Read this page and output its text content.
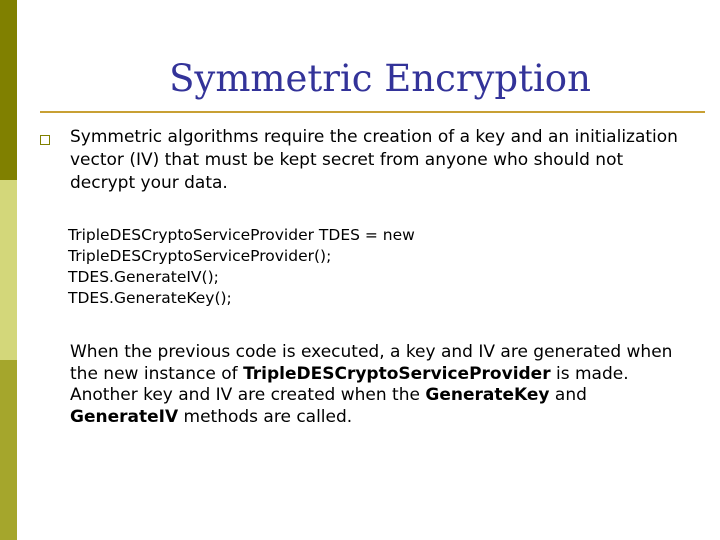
Symmetric Encryption

Symmetric algorithms require the creation of a key and an initialization vector (IV) that must be kept secret from anyone who should not decrypt your data.

TripleDESCryptoServiceProvider TDES = new
TripleDESCryptoServiceProvider();
TDES.GenerateIV();
TDES.GenerateKey();

When the previous code is executed, a key and IV are generated when the new instance of TripleDESCryptoServiceProvider is made. Another key and IV are created when the GenerateKey and GenerateIV methods are called.
